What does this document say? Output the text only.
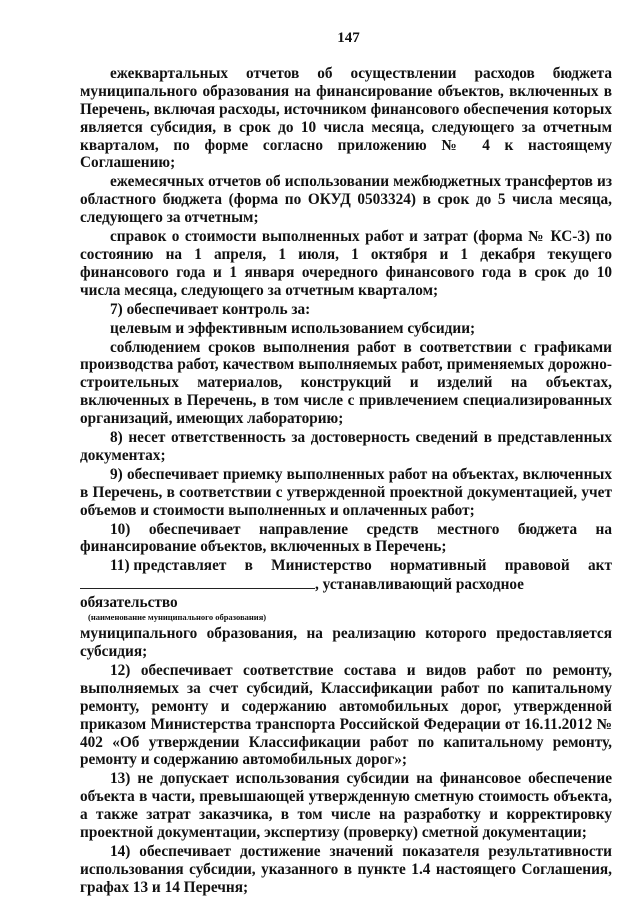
147

ежеквартальных отчетов об осуществлении расходов бюджета муниципального образования на финансирование объектов, включенных в Перечень, включая расходы, источником финансового обеспечения которых является субсидия, в срок до 10 числа месяца, следующего за отчетным кварталом, по форме согласно приложению № 4 к настоящему Соглашению;

ежемесячных отчетов об использовании межбюджетных трансфертов из областного бюджета (форма по ОКУД 0503324) в срок до 5 числа месяца, следующего за отчетным;

справок о стоимости выполненных работ и затрат (форма № КС-3) по состоянию на 1 апреля, 1 июля, 1 октября и 1 декабря текущего финансового года и 1 января очередного финансового года в срок до 10 числа месяца, следующего за отчетным кварталом;

7) обеспечивает контроль за:

целевым и эффективным использованием субсидии;

соблюдением сроков выполнения работ в соответствии с графиками производства работ, качеством выполняемых работ, применяемых дорожно-строительных материалов, конструкций и изделий на объектах, включенных в Перечень, в том числе с привлечением специализированных организаций, имеющих лабораторию;

8) несет ответственность за достоверность сведений в представленных документах;

9) обеспечивает приемку выполненных работ на объектах, включенных в Перечень, в соответствии с утвержденной проектной документацией, учет объемов и стоимости выполненных и оплаченных работ;

10) обеспечивает направление средств местного бюджета на финансирование объектов, включенных в Перечень;

11) представляет в Министерство нормативный правовой акт
, устанавливающий расходное обязательство
(наименование муниципального образования)

муниципального образования, на реализацию которого предоставляется субсидия;

12) обеспечивает соответствие состава и видов работ по ремонту, выполняемых за счет субсидий, Классификации работ по капитальному ремонту, ремонту и содержанию автомобильных дорог, утвержденной приказом Министерства транспорта Российской Федерации от 16.11.2012 № 402 «Об утверждении Классификации работ по капитальному ремонту, ремонту и содержанию автомобильных дорог»;

13) не допускает использования субсидии на финансовое обеспечение объекта в части, превышающей утвержденную сметную стоимость объекта, а также затрат заказчика, в том числе на разработку и корректировку проектной документации, экспертизу (проверку) сметной документации;

14) обеспечивает достижение значений показателя результативности использования субсидии, указанного в пункте 1.4 настоящего Соглашения, графах 13 и 14 Перечня;
